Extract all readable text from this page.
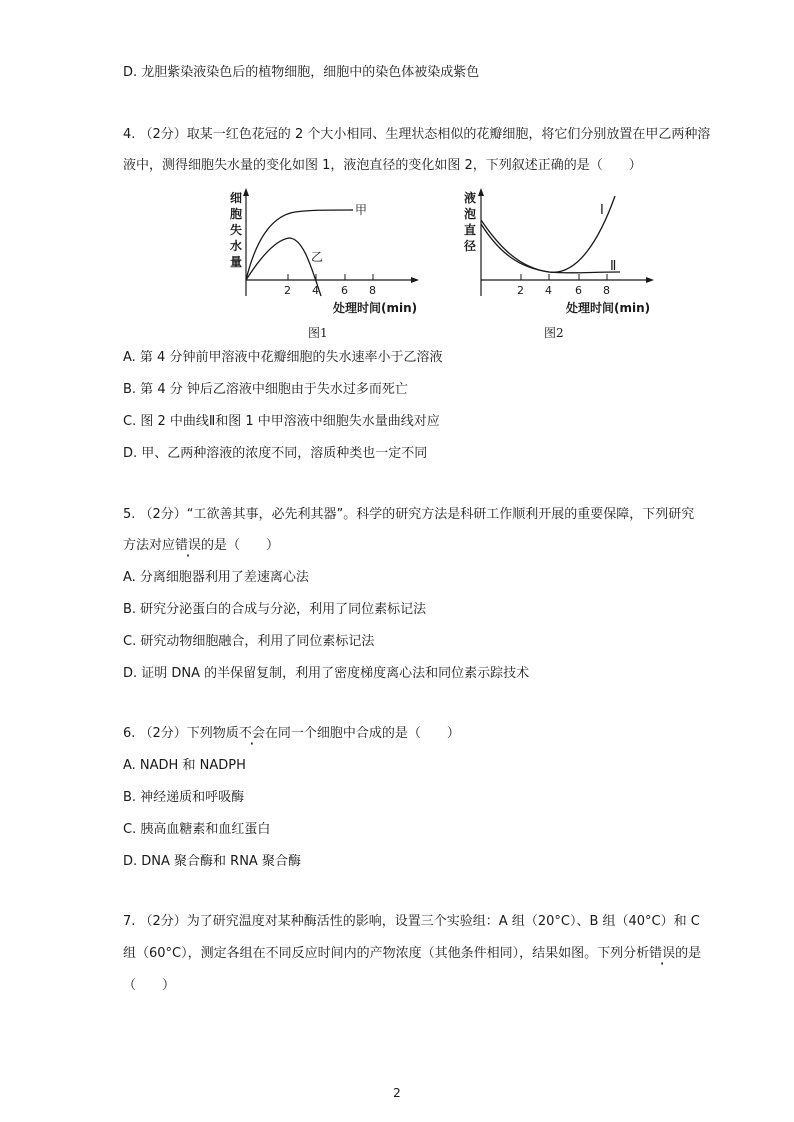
D. 龙胆紫染液染色后的植物细胞，细胞中的染色体被染成紫色
4. （2分）取某一红色花冠的 2 个大小相同、生理状态相似的花瓣细胞，将它们分别放置在甲乙两种溶
液中，测得细胞失水量的变化如图 1，液泡直径的变化如图 2，下列叙述正确的是（　　）
细
胞
失
水
量
2 4 6 8
甲
乙
处理时间(min)
图1
液
泡
直
径
2 4 6 8
Ⅰ
Ⅱ
处理时间(min)
图2
A. 第 4 分钟前甲溶液中花瓣细胞的失水速率小于乙溶液
B. 第 4 分 钟后乙溶液中细胞由于失水过多而死亡
C. 图 2 中曲线Ⅱ和图 1 中甲溶液中细胞失水量曲线对应
D. 甲、乙两种溶液的浓度不同，溶质种类也一定不同
5. （2分）“工欲善其事，必先利其器”。科学的研究方法是科研工作顺利开展的重要保障，下列研究
方法对应错误的是（　　）
A. 分离细胞器利用了差速离心法
B. 研究分泌蛋白的合成与分泌，利用了同位素标记法
C. 研究动物细胞融合，利用了同位素标记法
D. 证明 DNA 的半保留复制，利用了密度梯度离心法和同位素示踪技术
6. （2分）下列物质不会在同一个细胞中合成的是（　　）
A. NADH 和 NADPH
B. 神经递质和呼吸酶
C. 胰高血糖素和血红蛋白
D. DNA 聚合酶和 RNA 聚合酶
7. （2分）为了研究温度对某种酶活性的影响，设置三个实验组：A 组（20°C）、B 组（40°C）和 C
组（60°C），测定各组在不同反应时间内的产物浓度（其他条件相同），结果如图。下列分析错误的是
（　　）
2
